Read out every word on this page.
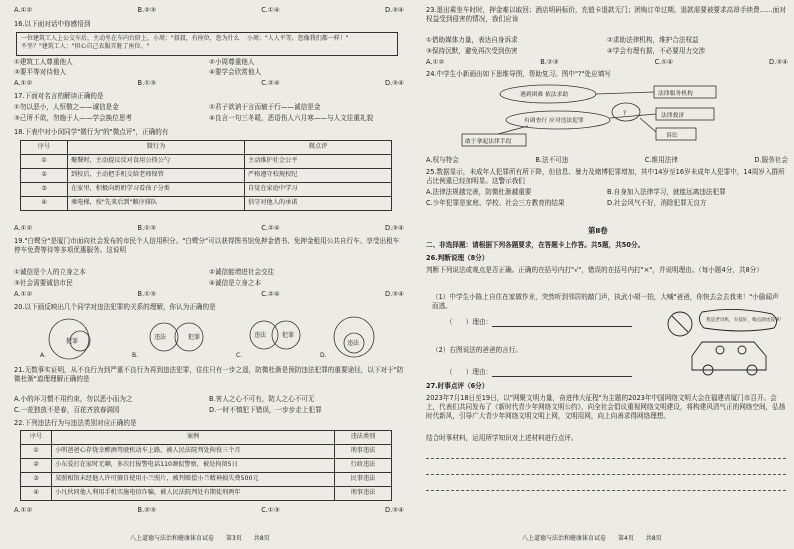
A.①②	B.②③	C.①④	D.③④
16.以下面对话中你感悟到
一位建筑工人上公交车后，主动坐在车内台阶上。小周："叔叔，有座位，您为什么不坐？"建筑工人："担心自己衣服弄脏了座位。"
小周："人人平等，您像我们都一样！"
①建筑工人尊重他人	②小周尊重他人
③要平等对待他人	④要学会欣赏他人
A.①②	B.①③	C.②④	D.③④
17.下面对名言的解读正确的是
①勿以恶小，人恒敬之——诚信是金	②君子欲讷于言而敏于行——诚信是金
③己所不欲，勿施于人——学会换位思考	④良言一句三冬暖，恶语伤人六月寒——与人文往重礼貌
18.下表中对小闵同学"微行为"的"微点评"，正确的有
序号	微行为	微点评
①	聚餐时，主动提议反对食用公筷公勺	主动维护社会公平
②	到校后，主动把手机交给老师保管	严格遵守校规校纪
③	在家里，积极向奶奶学习看孩子分类	自觉在家庭中学习
④	乘电梯，按"先来后到"顺序排队	信守对他人的承诺
A.①②	B.①③	C.②④	D.③④
19."白鹭分"是厦门市面向社会发布的市民个人信用积分。"白鹭分"可以获得图书馆免押金借书、免押金租用公共自行车、享受出租车停车免费等待等多项优惠服务。这说明
①诚信是个人的立身之本	②诚信能增进社会交往
③社会需要诚信市民	④诚信是立身之本
A.①②	B.①③	C.②④	D.③④
20.以下画反映出几个同学对违法犯罪的关系的理解，你认为正确的是
犯罪
违法	犯罪	违法	犯罪
违法
A.	B.	C.	D.
21.无数事实证明，从不良行为到严重不良行为再到违法犯罪，往往只有一步之遥，防微杜渐是预防违法犯罪的重要途径，以下对于"防微杜渐"道理理解正确的是
A.小的坏习惯不用约束，勿以恶小而为之	B.害人之心不可有，防人之心不可无
C.一花独放不是春，百花齐放春满园	D.一时不慎犯下错误，一步步走上犯罪
22.下列违法行为与违法类别对应正确的是
序号	案例	违法类别
①	小明爸爸心存侥幸醉酒驾驶机动车上路，被人民法院判处拘役三个月	刑事违法
②	小东爱打在家时无聊，多次打报警电话110调侃警察，被处拘留5日	行政违法
③	某照相馆未经他人许可擅自使用小兰照片，被判赔偿小兰精神损失费500元	民事违法
④	小凡伙同他人利用手机实施电信诈骗，被人民法院判处有期徒刑两年	刑事违法
A.①②	B.②③	C.①③	D.③④
八上道德与法治和健康体育试卷　　第3页　　共8页
23.退出乘坐车时时，押金难以取回；酒店明码标价，充值卡退款无门；团购订单过期，退款需要被要求高昂手续费……面对权益受到侵害的情况，我们应该
①借助媒体力量，表达自身诉求	②求助法律机构，维护合法权益
③保持沉默，避免再次受到伤害	④学会有理有据，不必要用力交涉
A.①②	B.②③	C.①④	D.③④
24.中学生小新画出如下思维导图，帮助复习。图中"?"处应填写
遇到困难 依法求助	法律服务机构
有调查行 应对违法犯罪
法律救济
敢于拿起法律手段
诉讼
?
A.权与特会	B.法不可违	C.维用法律	D.服务社会
25.数据显示，未成年人犯罪所有所下降，但信息、暴力及赌博犯罪增加，其中14岁至16岁未成年人犯罪中，14周岁入群所占比例重已经加明显。这警示我们
A.法律法规越完善，防微杜渐越重要	B.自身加入法律学习，就能远离违法犯罪
C.少年犯罪是家庭、学校、社会三方教育的结果	D.社会风气不好，消除犯罪无良方
第Ⅱ卷
二、非选择题：请根据下列各题要求，在答题卡上作答。共5题，共50分。
26.判断说理（8分）
判断下列说法或观点是否正确。正确的在括号内打"√"，错误的在括号内打"×"，并说明理由。（每小题4分，共8分）
（1）中学生小陈上自住在家做作业，突然听到邻居的敲门声，执武小胡一拍，大喊"爸爸，你快去会去我来！"小偷闻声而逃。
（　　）理由：
（2）右图说法的爸爸的言行。
（　　）理由：
我是老司机，车技好，喝点酒也没事！
27.时事点评（6分）
2023年7月18日至19日，以"网聚文明力量，奋进伟大征程"为主题的2023年中国网络文明大会在福建省厦门市召开。会上，代表们共同发布了《新时代青少年网络文明公约》，向全社会倡议重视网络文明建设，将构建风清气正的网络空间，弘扬时代新风，引导广大青少年网络文明文明上网，文明用网，向上向善求得网络理想。
结合时事材料，运用所学知识对上述材料进行点评。
八上道德与法治和健康体育试卷　　第4页　　共8页
